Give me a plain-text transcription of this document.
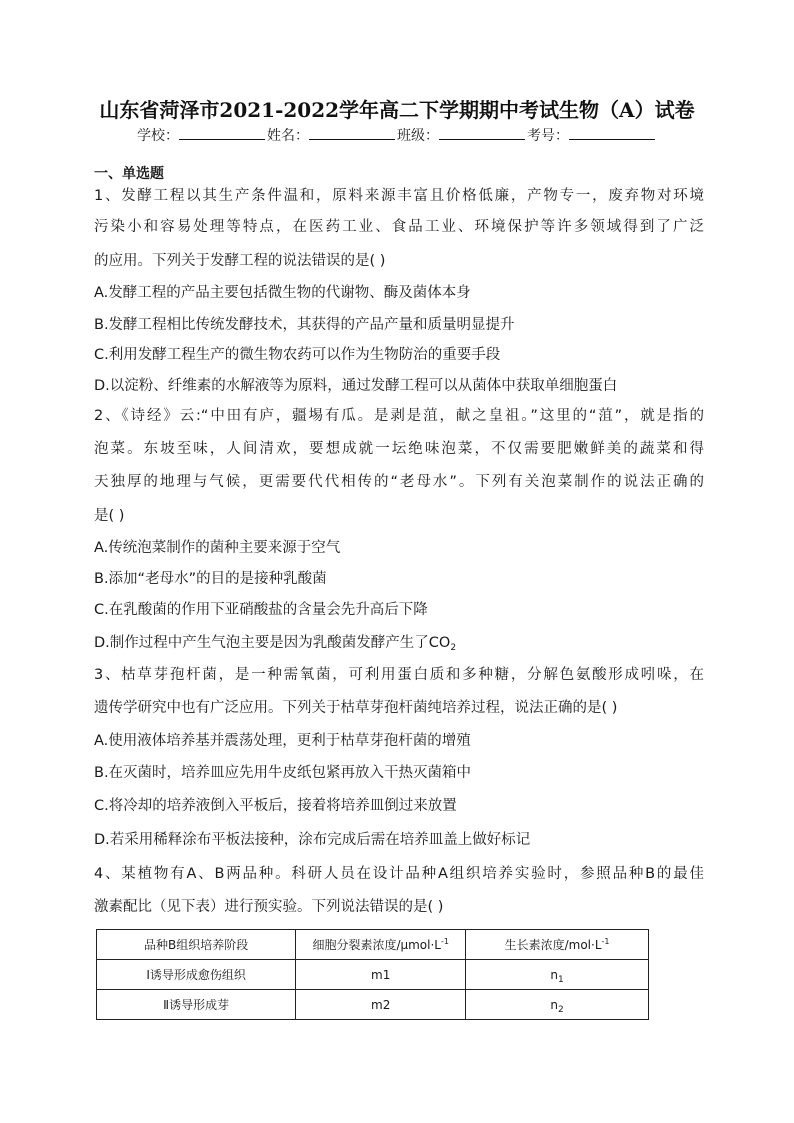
山东省菏泽市2021-2022学年高二下学期期中考试生物（A）试卷
学校：	姓名：	班级：	考号：
一、单选题
1、发酵工程以其生产条件温和，原料来源丰富且价格低廉，产物专一，废弃物对环境
污染小和容易处理等特点，在医药工业、食品工业、环境保护等许多领域得到了广泛
的应用。下列关于发酵工程的说法错误的是( )
A.发酵工程的产品主要包括微生物的代谢物、酶及菌体本身
B.发酵工程相比传统发酵技术，其获得的产品产量和质量明显提升
C.利用发酵工程生产的微生物农药可以作为生物防治的重要手段
D.以淀粉、纤维素的水解液等为原料，通过发酵工程可以从菌体中获取单细胞蛋白
2、《诗经》云:“中田有庐，疆埸有瓜。是剥是菹，献之皇祖。”这里的“菹”，就是指的
泡菜。东坡至味，人间清欢，要想成就一坛绝味泡菜，不仅需要肥嫩鲜美的蔬菜和得
天独厚的地理与气候，更需要代代相传的“老母水”。下列有关泡菜制作的说法正确的
是( )
A.传统泡菜制作的菌种主要来源于空气
B.添加“老母水”的目的是接种乳酸菌
C.在乳酸菌的作用下亚硝酸盐的含量会先升高后下降
D.制作过程中产生气泡主要是因为乳酸菌发酵产生了$CO_2$
3、枯草芽孢杆菌，是一种需氧菌，可利用蛋白质和多种糖，分解色氨酸形成吲哚，在
遗传学研究中也有广泛应用。下列关于枯草芽孢杆菌纯培养过程，说法正确的是( )
A.使用液体培养基并震荡处理，更利于枯草芽孢杆菌的增殖
B.在灭菌时，培养皿应先用牛皮纸包紧再放入干热灭菌箱中
C.将冷却的培养液倒入平板后，接着将培养皿倒过来放置
D.若采用稀释涂布平板法接种，涂布完成后需在培养皿盖上做好标记
4、某植物有A、B两品种。科研人员在设计品种A组织培养实验时，参照品种B的最佳
激素配比（见下表）进行预实验。下列说法错误的是( )
品种B组织培养阶段	细胞分裂素浓度$/\mu mol\cdot L^{-1}$	生长素浓度$/mol\cdot L^{-1}$
Ⅰ诱导形成愈伤组织	m1	$n_1$
Ⅱ诱导形成芽	m2	$n_2$
